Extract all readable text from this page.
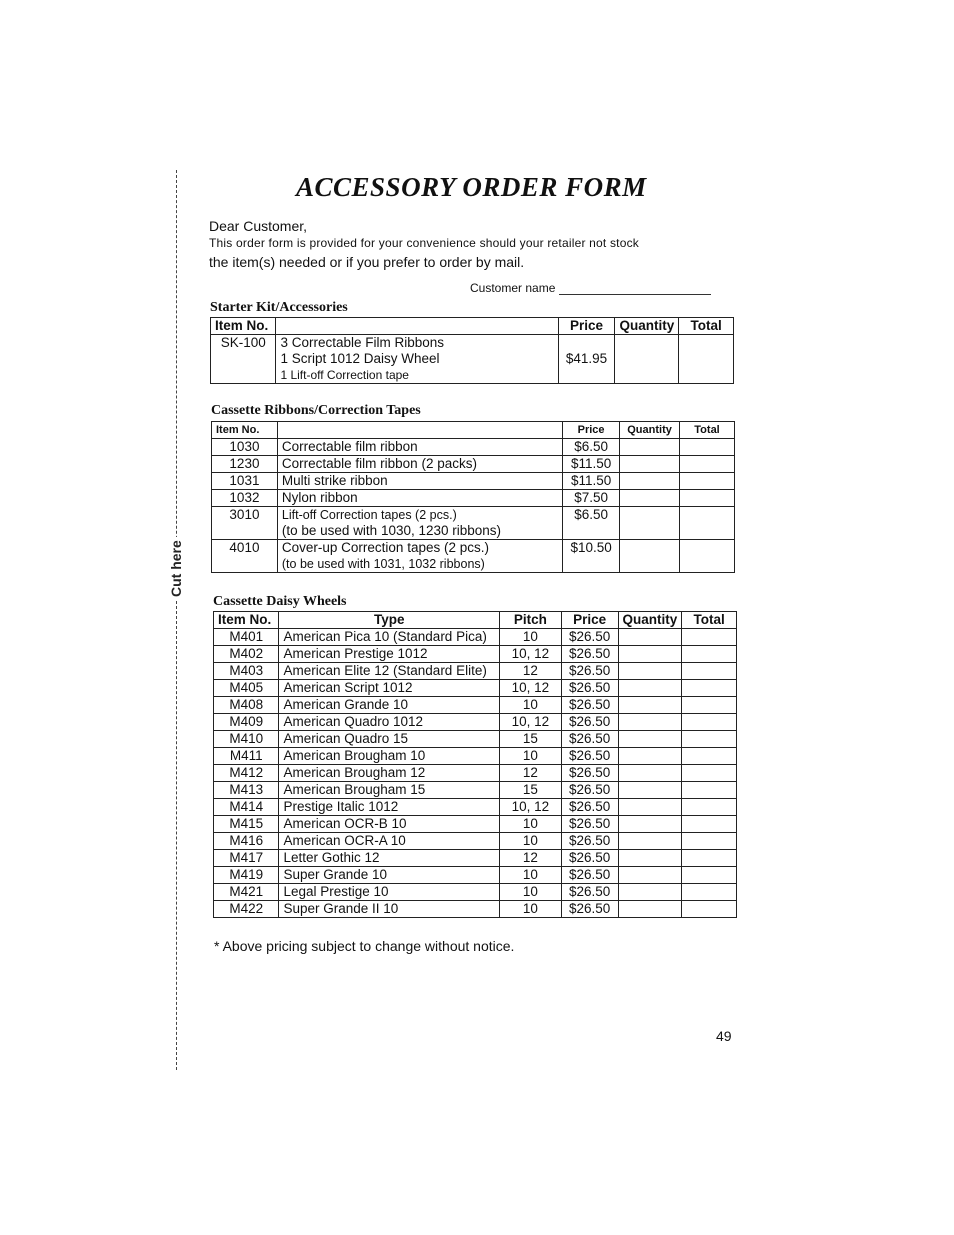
Cut here
ACCESSORY ORDER FORM
Dear Customer,
This order form is provided for your convenience should your retailer not stock
the item(s) needed or if you prefer to order by mail.
Customer name
Starter Kit/Accessories
Item No.		Price	Quantity	Total
SK-100	3 Correctable Film Ribbons
1 Script 1012 Daisy Wheel
1 Lift-off Correction tape	$41.95		
Cassette Ribbons/Correction Tapes
Item No.		Price	Quantity	Total
1030	Correctable film ribbon	$6.50		
1230	Correctable film ribbon (2 packs)	$11.50		
1031	Multi strike ribbon	$11.50		
1032	Nylon ribbon	$7.50		
3010	Lift-off Correction tapes (2 pcs.)
(to be used with 1030, 1230 ribbons)	$6.50		
4010	Cover-up Correction tapes (2 pcs.)
(to be used with 1031, 1032 ribbons)	$10.50		
Cassette Daisy Wheels
Item No.	Type	Pitch	Price	Quantity	Total
M401	American Pica 10 (Standard Pica)	10	$26.50		
M402	American Prestige 1012	10, 12	$26.50		
M403	American Elite 12 (Standard Elite)	12	$26.50		
M405	American Script 1012	10, 12	$26.50		
M408	American Grande 10	10	$26.50		
M409	American Quadro 1012	10, 12	$26.50		
M410	American Quadro 15	15	$26.50		
M411	American Brougham 10	10	$26.50		
M412	American Brougham 12	12	$26.50		
M413	American Brougham 15	15	$26.50		
M414	Prestige Italic 1012	10, 12	$26.50		
M415	American OCR-B 10	10	$26.50		
M416	American OCR-A 10	10	$26.50		
M417	Letter Gothic 12	12	$26.50		
M419	Super Grande 10	10	$26.50		
M421	Legal Prestige 10	10	$26.50		
M422	Super Grande II 10	10	$26.50		
* Above pricing subject to change without notice.
49
